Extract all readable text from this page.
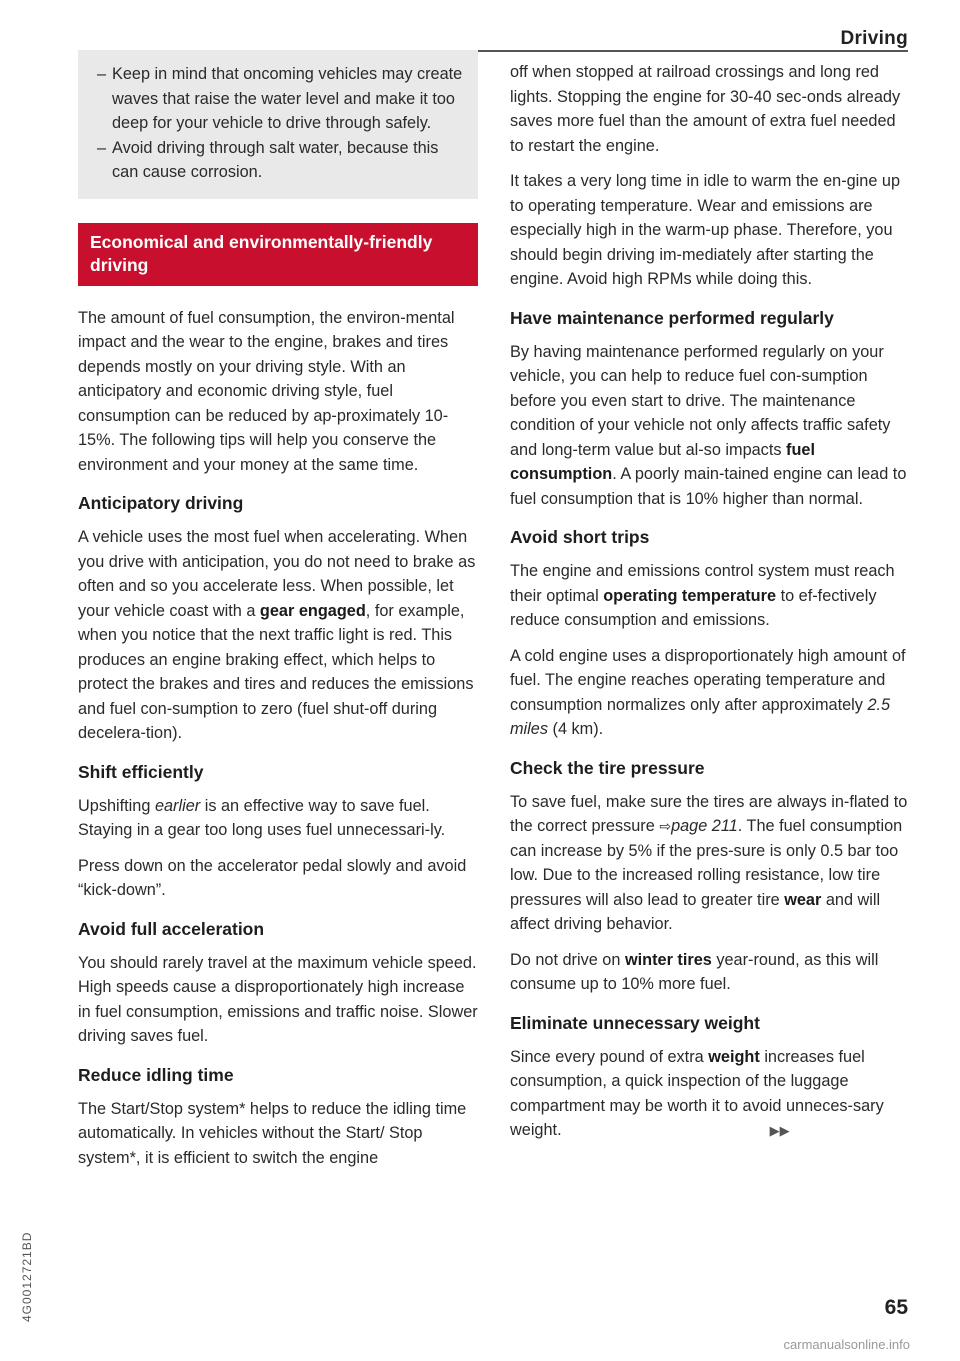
Driving
– Keep in mind that oncoming vehicles may create waves that raise the water level and make it too deep for your vehicle to drive through safely.
– Avoid driving through salt water, because this can cause corrosion.
Economical and environmentally-friendly driving

The amount of fuel consumption, the environ-mental impact and the wear to the engine, brakes and tires depends mostly on your driving style. With an anticipatory and economic driving style, fuel consumption can be reduced by ap-proximately 10-15%. The following tips will help you conserve the environment and your money at the same time.

Anticipatory driving

A vehicle uses the most fuel when accelerating. When you drive with anticipation, you do not need to brake as often and so you accelerate less. When possible, let your vehicle coast with a gear engaged, for example, when you notice that the next traffic light is red. This produces an engine braking effect, which helps to protect the brakes and tires and reduces the emissions and fuel con-sumption to zero (fuel shut-off during decelera-tion).

Shift efficiently

Upshifting earlier is an effective way to save fuel. Staying in a gear too long uses fuel unnecessari-ly.

Press down on the accelerator pedal slowly and avoid “kick-down”.

Avoid full acceleration

You should rarely travel at the maximum vehicle speed. High speeds cause a disproportionately high increase in fuel consumption, emissions and traffic noise. Slower driving saves fuel.

Reduce idling time

The Start/Stop system* helps to reduce the idling time automatically. In vehicles without the Start/ Stop system*, it is efficient to switch the engine

off when stopped at railroad crossings and long red lights. Stopping the engine for 30-40 sec-onds already saves more fuel than the amount of extra fuel needed to restart the engine.

It takes a very long time in idle to warm the en-gine up to operating temperature. Wear and emissions are especially high in the warm-up phase. Therefore, you should begin driving im-mediately after starting the engine. Avoid high RPMs while doing this.

Have maintenance performed regularly

By having maintenance performed regularly on your vehicle, you can help to reduce fuel con-sumption before you even start to drive. The maintenance condition of your vehicle not only affects traffic safety and long-term value but al-so impacts fuel consumption. A poorly main-tained engine can lead to fuel consumption that is 10% higher than normal.

Avoid short trips

The engine and emissions control system must reach their optimal operating temperature to ef-fectively reduce consumption and emissions.

A cold engine uses a disproportionately high amount of fuel. The engine reaches operating temperature and consumption normalizes only after approximately 2.5 miles (4 km).

Check the tire pressure

To save fuel, make sure the tires are always in-flated to the correct pressure ⇨page 211. The fuel consumption can increase by 5% if the pres-sure is only 0.5 bar too low. Due to the increased rolling resistance, low tire pressures will also lead to greater tire wear and will affect driving behavior.

Do not drive on winter tires year-round, as this will consume up to 10% more fuel.

Eliminate unnecessary weight

Since every pound of extra weight increases fuel consumption, a quick inspection of the luggage compartment may be worth it to avoid unneces-sary weight.	▶▶

4G0012721BD	65
carmanualsonline.info
